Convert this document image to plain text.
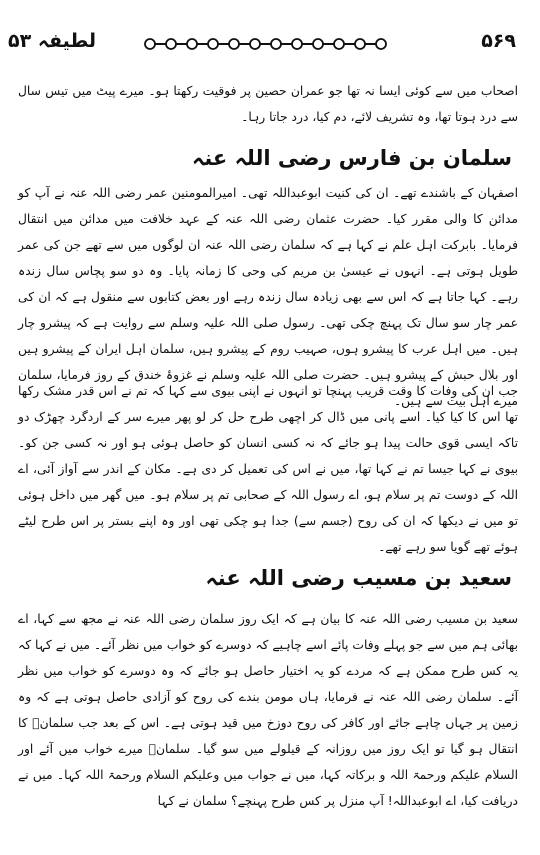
لطیفہ ۵۳	۵۶۹
اصحاب میں سے کوئی ایسا نہ تھا جو عمران حصین پر فوقیت رکھتا ہو۔ میرے پیٹ میں تیس سال سے درد ہوتا تھا، وہ تشریف لائے، دم کیا، درد جاتا رہا۔
سلمان بن فارس رضی اللہ عنہ
اصفہان کے باشندے تھے۔ ان کی کنیت ابوعبداللہ تھی۔ امیرالمومنین عمر رضی اللہ عنہ نے آپ کو مدائن کا والی مقرر کیا۔ حضرت عثمان رضی اللہ عنہ کے عہد خلافت میں مدائن میں انتقال فرمایا۔ بابرکت اہل علم نے کہا ہے کہ سلمان رضی اللہ عنہ ان لوگوں میں سے تھے جن کی عمر طویل ہوتی ہے۔ انہوں نے عیسیٰ بن مریم کی وحی کا زمانہ پایا۔ وہ دو سو پچاس سال زندہ رہے۔ کہا جاتا ہے کہ اس سے بھی زیادہ سال زندہ رہے اور بعض کتابوں سے منقول ہے کہ ان کی عمر چار سو سال تک پہنچ چکی تھی۔ رسول صلی اللہ علیہ وسلم سے روایت ہے کہ پیشرو چار ہیں۔ میں اہل عرب کا پیشرو ہوں، صہیب روم کے پیشرو ہیں، سلمان اہل ایران کے پیشرو ہیں اور بلال حبش کے پیشرو ہیں۔ حضرت صلی اللہ علیہ وسلم نے غزوۂ خندق کے روز فرمایا، سلمان میرے اہل بیت سے ہیں۔
جب ان کی وفات کا وقت قریب پہنچا تو انہوں نے اپنی بیوی سے کہا کہ تم نے اس قدر مشک رکھا تھا اس کا کیا کیا۔ اسے پانی میں ڈال کر اچھی طرح حل کر لو پھر میرے سر کے اردگرد چھڑک دو تاکہ ایسی قوی حالت پیدا ہو جائے کہ نہ کسی انسان کو حاصل ہوئی ہو اور نہ کسی جن کو۔ بیوی نے کہا جیسا تم نے کہا تھا، میں نے اس کی تعمیل کر دی ہے۔ مکان کے اندر سے آواز آئی، اے اللہ کے دوست تم پر سلام ہو، اے رسول اللہ کے صحابی تم پر سلام ہو۔ میں گھر میں داخل ہوئی تو میں نے دیکھا کہ ان کی روح (جسم سے) جدا ہو چکی تھی اور وہ اپنے بستر پر اس طرح لیٹے ہوئے تھے گویا سو رہے تھے۔
سعید بن مسیب رضی اللہ عنہ
سعید بن مسیب رضی اللہ عنہ کا بیان ہے کہ ایک روز سلمان رضی اللہ عنہ نے مجھ سے کہا، اے بھائی ہم میں سے جو پہلے وفات پائے اسے چاہیے کہ دوسرے کو خواب میں نظر آئے۔ میں نے کہا کہ یہ کس طرح ممکن ہے کہ مردے کو یہ اختیار حاصل ہو جائے کہ وہ دوسرے کو خواب میں نظر آئے۔ سلمان رضی اللہ عنہ نے فرمایا، ہاں مومن بندے کی روح کو آزادی حاصل ہوتی ہے کہ وہ زمین پر جہاں چاہے جائے اور کافر کی روح دوزخ میں قید ہوتی ہے۔ اس کے بعد جب سلمانؓ کا انتقال ہو گیا تو ایک روز میں روزانہ کے قیلولے میں سو گیا۔ سلمانؓ میرے خواب میں آئے اور السلام علیکم ورحمۃ اللہ و برکاتہ کہا، میں نے جواب میں وعلیکم السلام ورحمۃ اللہ کہا۔ میں نے دریافت کیا، اے ابوعبداللہ! آپ منزل پر کس طرح پہنچے؟ سلمان نے کہا
